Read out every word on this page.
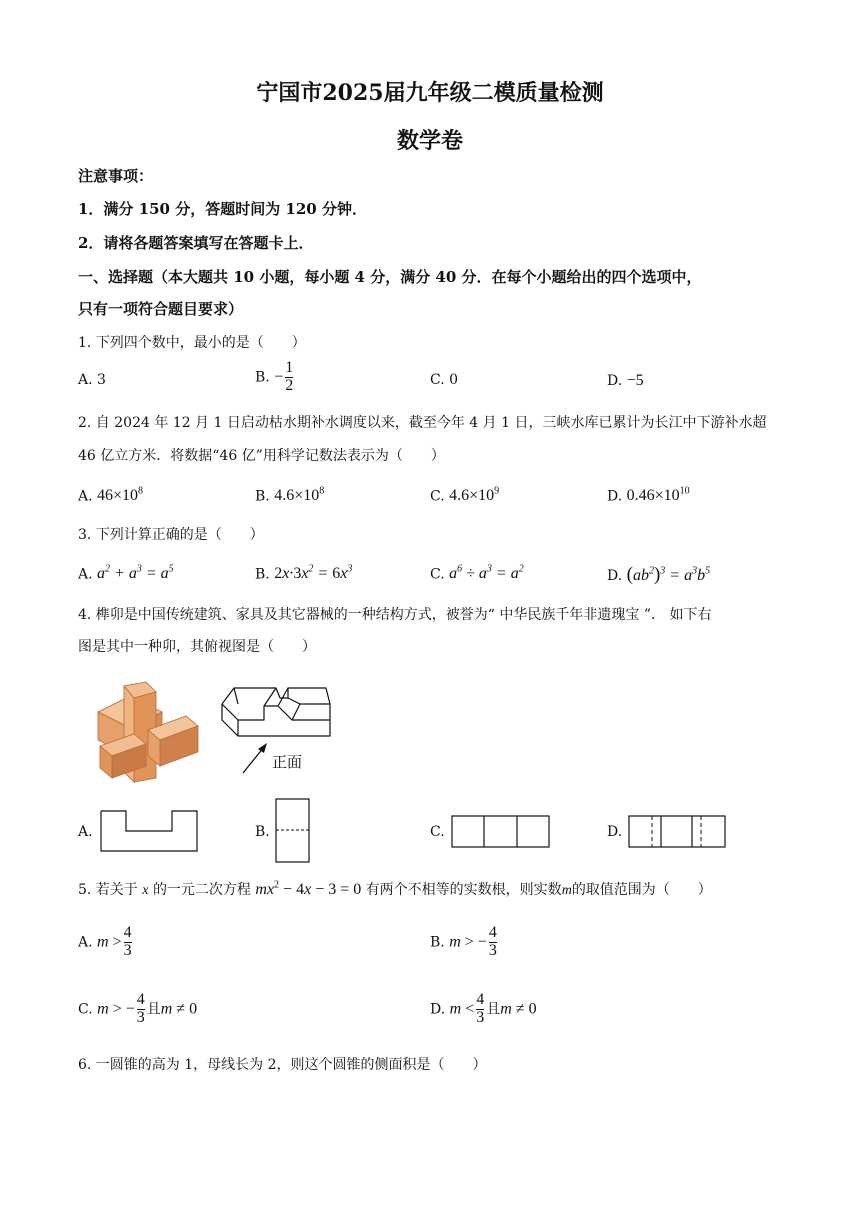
宁国市2025届九年级二模质量检测
数学卷
注意事项：
1．满分 150 分，答题时间为 120 分钟．
2．请将各题答案填写在答题卡上．
一、选择题（本大题共 10 小题，每小题 4 分，满分 40 分．在每个小题给出的四个选项中，
只有一项符合题目要求）
1. 下列四个数中，最小的是（　　）
A. 3	B. − $\frac{1}{2}$	C. 0	D. −5
2. 自 2024 年 12 月 1 日启动枯水期补水调度以来，截至今年 4 月 1 日，三峡水库已累计为长江中下游补水超
46 亿立方米．将数据“46 亿”用科学记数法表示为（　　）
A. $46\times 10^8$	B. $4.6\times 10^8$	C. $4.6\times 10^9$	D. $0.46\times 10^{10}$
3. 下列计算正确的是（　　）
A. $a^2 + a^3 = a^5$	B. $2x\cdot 3x^2 = 6x^3$	C. $a^6 \div a^3 = a^2$	D. $(ab^2)^3 = a^3b^5$
4. 榫卯是中国传统建筑、家具及其它器械的一种结构方式，被誉为“ 中华民族千年非遗瑰宝 ”． 如下右
图是其中一种卯，其俯视图是（　　）
正面
A.	B.	C.	D.
5. 若关于 x 的一元二次方程 $mx^2 - 4x - 3 = 0$ 有两个不相等的实数根，则实数m的取值范围为（　　）
A. $m > \frac{4}{3}$	B. m > − $\frac{4}{3}$
C. m > − $\frac{4}{3}$ 且m ≠ 0	D. $m < \frac{4}{3}$ 且m ≠ 0
6. 一圆锥的高为 1，母线长为 2，则这个圆锥的侧面积是（　　）
